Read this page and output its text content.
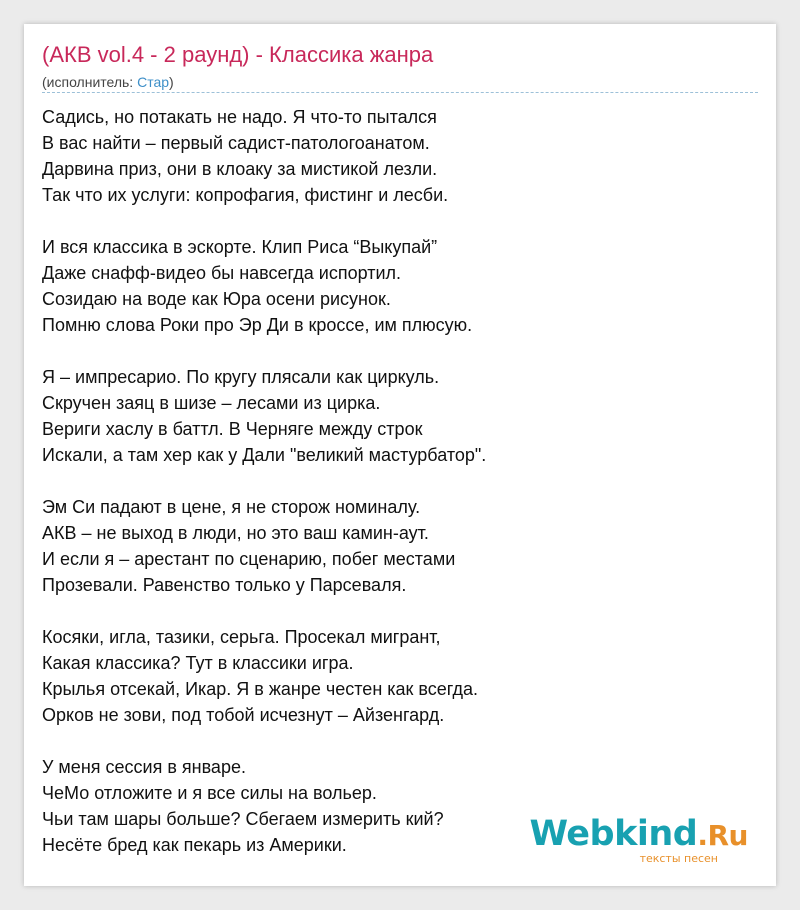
(АКВ vol.4 - 2 раунд) - Классика жанра
(исполнитель: Стар)
Садись, но потакать не надо. Я что-то пытался
В вас найти – первый садист-патологоанатом.
Дарвина приз, они в клоаку за мистикой лезли.
Так что их услуги: копрофагия, фистинг и лесби.
И вся классика в эскорте. Клип Риса “Выкупай”
Даже снафф-видео бы навсегда испортил.
Созидаю на воде как Юра осени рисунок.
Помню слова Роки про Эр Ди в кроссе, им плюсую.
Я – импресарио. По кругу плясали как циркуль.
Скручен заяц в шизе – лесами из цирка.
Вериги хаслу в баттл. В Черняге между строк
Искали, а там хер как у Дали "великий мастурбатор".
Эм Си падают в цене, я не сторож номиналу.
АКВ – не выход в люди, но это ваш камин-аут.
И если я – арестант по сценарию, побег местами
Прозевали. Равенство только у Парсеваля.
Косяки, игла, тазики, серьга. Просекал мигрант,
Какая классика? Тут в классики игра.
Крылья отсекай, Икар. Я в жанре честен как всегда.
Орков не зови, под тобой исчезнут – Айзенгард.
У меня сессия в январе.
ЧеМо отложите и я все силы на вольер.
Чьи там шары больше? Сбегаем измерить кий?
Несёте бред как пекарь из Америки.	Webkind.Ru
тексты песен
